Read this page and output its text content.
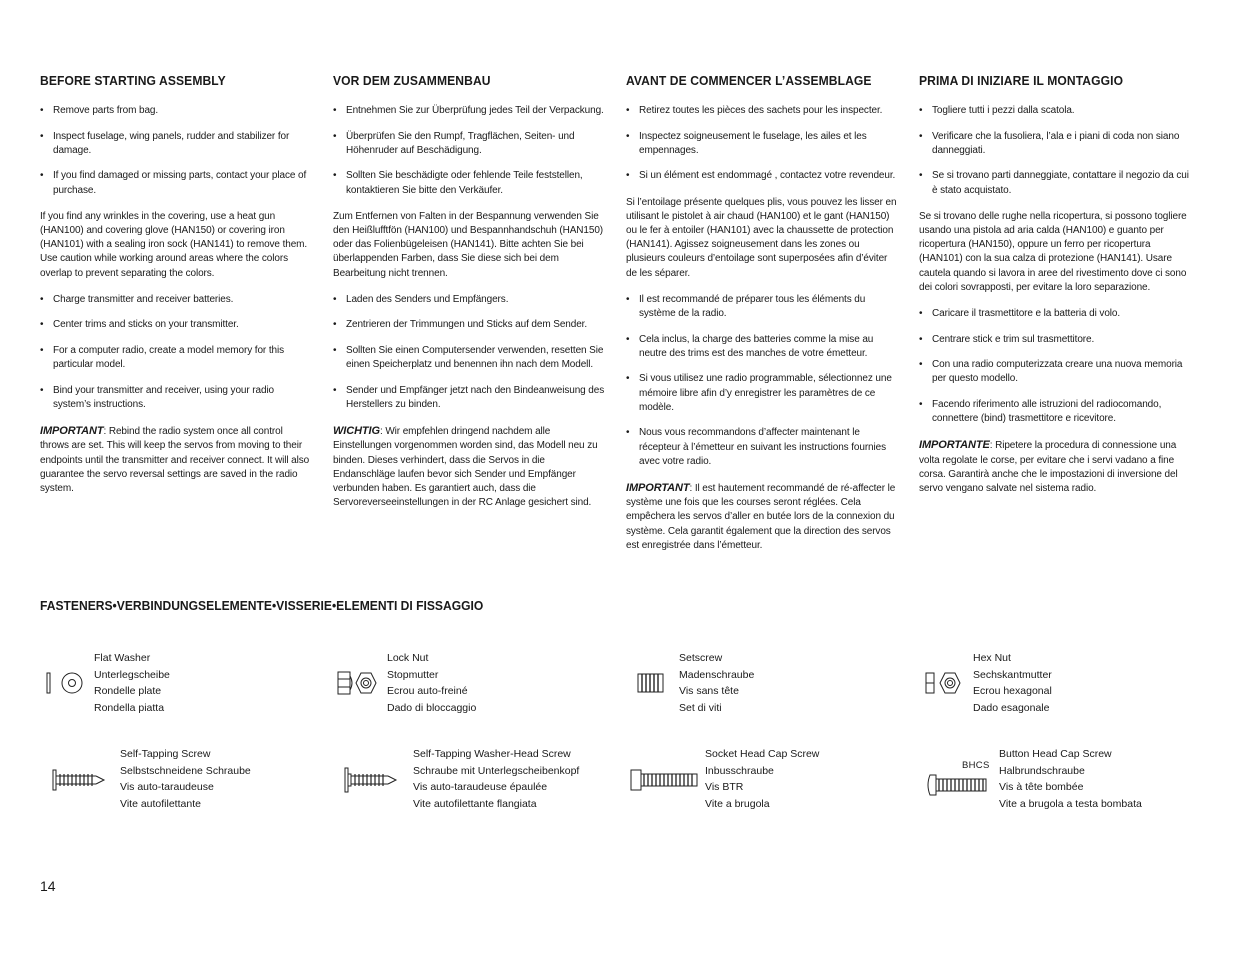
BEFORE STARTING ASSEMBLY
• Remove parts from bag.
• Inspect fuselage, wing panels, rudder and stabilizer for damage.
• If you find damaged or missing parts, contact your place of purchase.

If you find any wrinkles in the covering, use a heat gun (HAN100) and covering glove (HAN150) or covering iron (HAN101) with a sealing iron sock (HAN141) to remove them. Use caution while working around areas where the colors overlap to prevent separating the colors.

• Charge transmitter and receiver batteries.
• Center trims and sticks on your transmitter.
• For a computer radio, create a model memory for this particular model.
• Bind your transmitter and receiver, using your radio system’s instructions.

IMPORTANT: Rebind the radio system once all control throws are set. This will keep the servos from moving to their endpoints until the transmitter and receiver connect. It will also guarantee the servo reversal settings are saved in the radio system.

VOR DEM ZUSAMMENBAU
• Entnehmen Sie zur Überprüfung jedes Teil der Verpackung.
• Überprüfen Sie den Rumpf, Tragflächen, Seiten- und Höhenruder auf Beschädigung.
• Sollten Sie beschädigte oder fehlende Teile feststellen, kontaktieren Sie bitte den Verkäufer.

Zum Entfernen von Falten in der Bespannung verwenden Sie den Heißlufftfön (HAN100) und Bespannhandschuh (HAN150) oder das Folienbügeleisen (HAN141). Bitte achten Sie bei überlappenden Farben, dass Sie diese sich bei dem Bearbeitung nicht trennen.

• Laden des Senders und Empfängers.
• Zentrieren der Trimmungen und Sticks auf dem Sender.
• Sollten Sie einen Computersender verwenden, resetten Sie einen Speicherplatz und benennen ihn nach dem Modell.
• Sender und Empfänger jetzt nach den Bindeanweisung des Herstellers zu binden.

WICHTIG: Wir empfehlen dringend nachdem alle Einstellungen vorgenommen worden sind, das Modell neu zu binden. Dieses verhindert, dass die Servos in die Endanschläge laufen bevor sich Sender und Empfänger verbunden haben. Es garantiert auch, dass die Servoreverseeinstellungen in der RC Anlage gesichert sind.

AVANT DE COMMENCER L’ASSEMBLAGE
• Retirez toutes les pièces des sachets pour les inspecter.
• Inspectez soigneusement le fuselage, les ailes et les empennages.
• Si un élément est endommagé , contactez votre revendeur.

Si l’entoilage présente quelques plis, vous pouvez les lisser en utilisant le pistolet à air chaud (HAN100) et le gant (HAN150) ou le fer à entoiler (HAN101) avec la chaussette de protection (HAN141). Agissez soigneusement dans les zones ou plusieurs couleurs d’entoilage sont superposées afin d’éviter de les séparer.

• Il est recommandé de préparer tous les éléments du système de la radio.
• Cela inclus, la charge des batteries comme la mise au neutre des trims est des manches de votre émetteur.
• Si vous utilisez une radio programmable, sélectionnez une mémoire libre afin d’y enregistrer les paramètres de ce modèle.
• Nous vous recommandons d’affecter maintenant le récepteur à l’émetteur en suivant les instructions fournies avec votre radio.

IMPORTANT: Il est hautement recommandé de ré-affecter le système une fois que les courses seront réglées. Cela empêchera les servos d’aller en butée lors de la connexion du système. Cela garantit également que la direction des servos est enregistrée dans l’émetteur.

PRIMA DI INIZIARE IL MONTAGGIO
• Togliere tutti i pezzi dalla scatola.
• Verificare che la fusoliera, l’ala e i piani di coda non siano danneggiati.
• Se si trovano parti danneggiate, contattare il negozio da cui è stato acquistato.

Se si trovano delle rughe nella ricopertura, si possono togliere usando una pistola ad aria calda (HAN100) e guanto per ricopertura (HAN150), oppure un ferro per ricopertura (HAN101) con la sua calza di protezione (HAN141). Usare cautela quando si lavora in aree del rivestimento dove ci sono dei colori sovrapposti, per evitare la loro separazione.

• Caricare il trasmettitore e la batteria di volo.
• Centrare stick e trim sul trasmettitore.
• Con una radio computerizzata creare una nuova memoria per questo modello.
• Facendo riferimento alle istruzioni del radiocomando, connettere (bind) trasmettitore e ricevitore.

IMPORTANTE: Ripetere la procedura di connessione una volta regolate le corse, per evitare che i servi vadano a fine corsa. Garantirà anche che le impostazioni di inversione del servo vengano salvate nel sistema radio.

FASTENERS•VERBINDUNGSELEMENTE•VISSERIE•ELEMENTI DI FISSAGGIO
Flat Washer
Unterlegscheibe
Rondelle plate
Rondella piatta
Lock Nut
Stopmutter
Ecrou auto-freiné
Dado di bloccaggio
Setscrew
Madenschraube
Vis sans tête
Set di viti
Hex Nut
Sechskantmutter
Ecrou hexagonal
Dado esagonale
Self-Tapping Screw
Selbstschneidene Schraube
Vis auto-taraudeuse
Vite autofilettante
Self-Tapping Washer-Head Screw
Schraube mit Unterlegscheibenkopf
Vis auto-taraudeuse épaulée
Vite autofilettante flangiata
Socket Head Cap Screw
Inbusschraube
Vis BTR
Vite a brugola
BHCS
Button Head Cap Screw
Halbrundschraube
Vis à tête bombée
Vite a brugola a testa bombata
14
